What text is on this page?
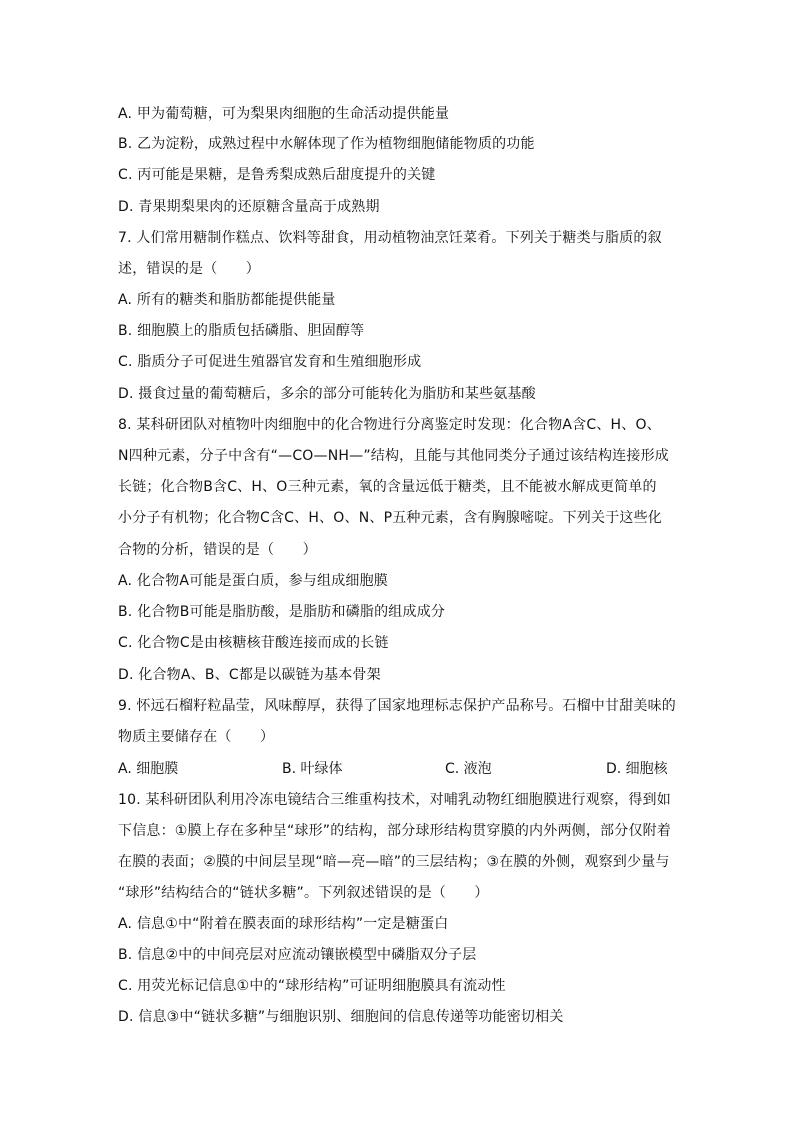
A. 甲为葡萄糖，可为梨果肉细胞的生命活动提供能量
B. 乙为淀粉，成熟过程中水解体现了作为植物细胞储能物质的功能
C. 丙可能是果糖，是鲁秀梨成熟后甜度提升的关键
D. 青果期梨果肉的还原糖含量高于成熟期
7. 人们常用糖制作糕点、饮料等甜食，用动植物油烹饪菜肴。下列关于糖类与脂质的叙
述，错误的是（　　）
A. 所有的糖类和脂肪都能提供能量
B. 细胞膜上的脂质包括磷脂、胆固醇等
C. 脂质分子可促进生殖器官发育和生殖细胞形成
D. 摄食过量的葡萄糖后，多余的部分可能转化为脂肪和某些氨基酸
8. 某科研团队对植物叶肉细胞中的化合物进行分离鉴定时发现：化合物A含C、H、O、
N四种元素，分子中含有“—CO—NH—”结构，且能与其他同类分子通过该结构连接形成
长链；化合物B含C、H、O三种元素，氧的含量远低于糖类，且不能被水解成更简单的
小分子有机物；化合物C含C、H、O、N、P五种元素，含有胸腺嘧啶。下列关于这些化
合物的分析，错误的是（　　）
A. 化合物A可能是蛋白质，参与组成细胞膜
B. 化合物B可能是脂肪酸，是脂肪和磷脂的组成成分
C. 化合物C是由核糖核苷酸连接而成的长链
D. 化合物A、B、C都是以碳链为基本骨架
9. 怀远石榴籽粒晶莹，风味醇厚，获得了国家地理标志保护产品称号。石榴中甘甜美味的
物质主要储存在（　　）
A. 细胞膜	B. 叶绿体	C. 液泡	D. 细胞核
10. 某科研团队利用冷冻电镜结合三维重构技术，对哺乳动物红细胞膜进行观察，得到如
下信息：①膜上存在多种呈“球形”的结构，部分球形结构贯穿膜的内外两侧，部分仅附着
在膜的表面；②膜的中间层呈现“暗—亮—暗”的三层结构；③在膜的外侧，观察到少量与
“球形”结构结合的“链状多糖”。下列叙述错误的是（　　）
A. 信息①中“附着在膜表面的球形结构”一定是糖蛋白
B. 信息②中的中间亮层对应流动镶嵌模型中磷脂双分子层
C. 用荧光标记信息①中的“球形结构”可证明细胞膜具有流动性
D. 信息③中“链状多糖”与细胞识别、细胞间的信息传递等功能密切相关
